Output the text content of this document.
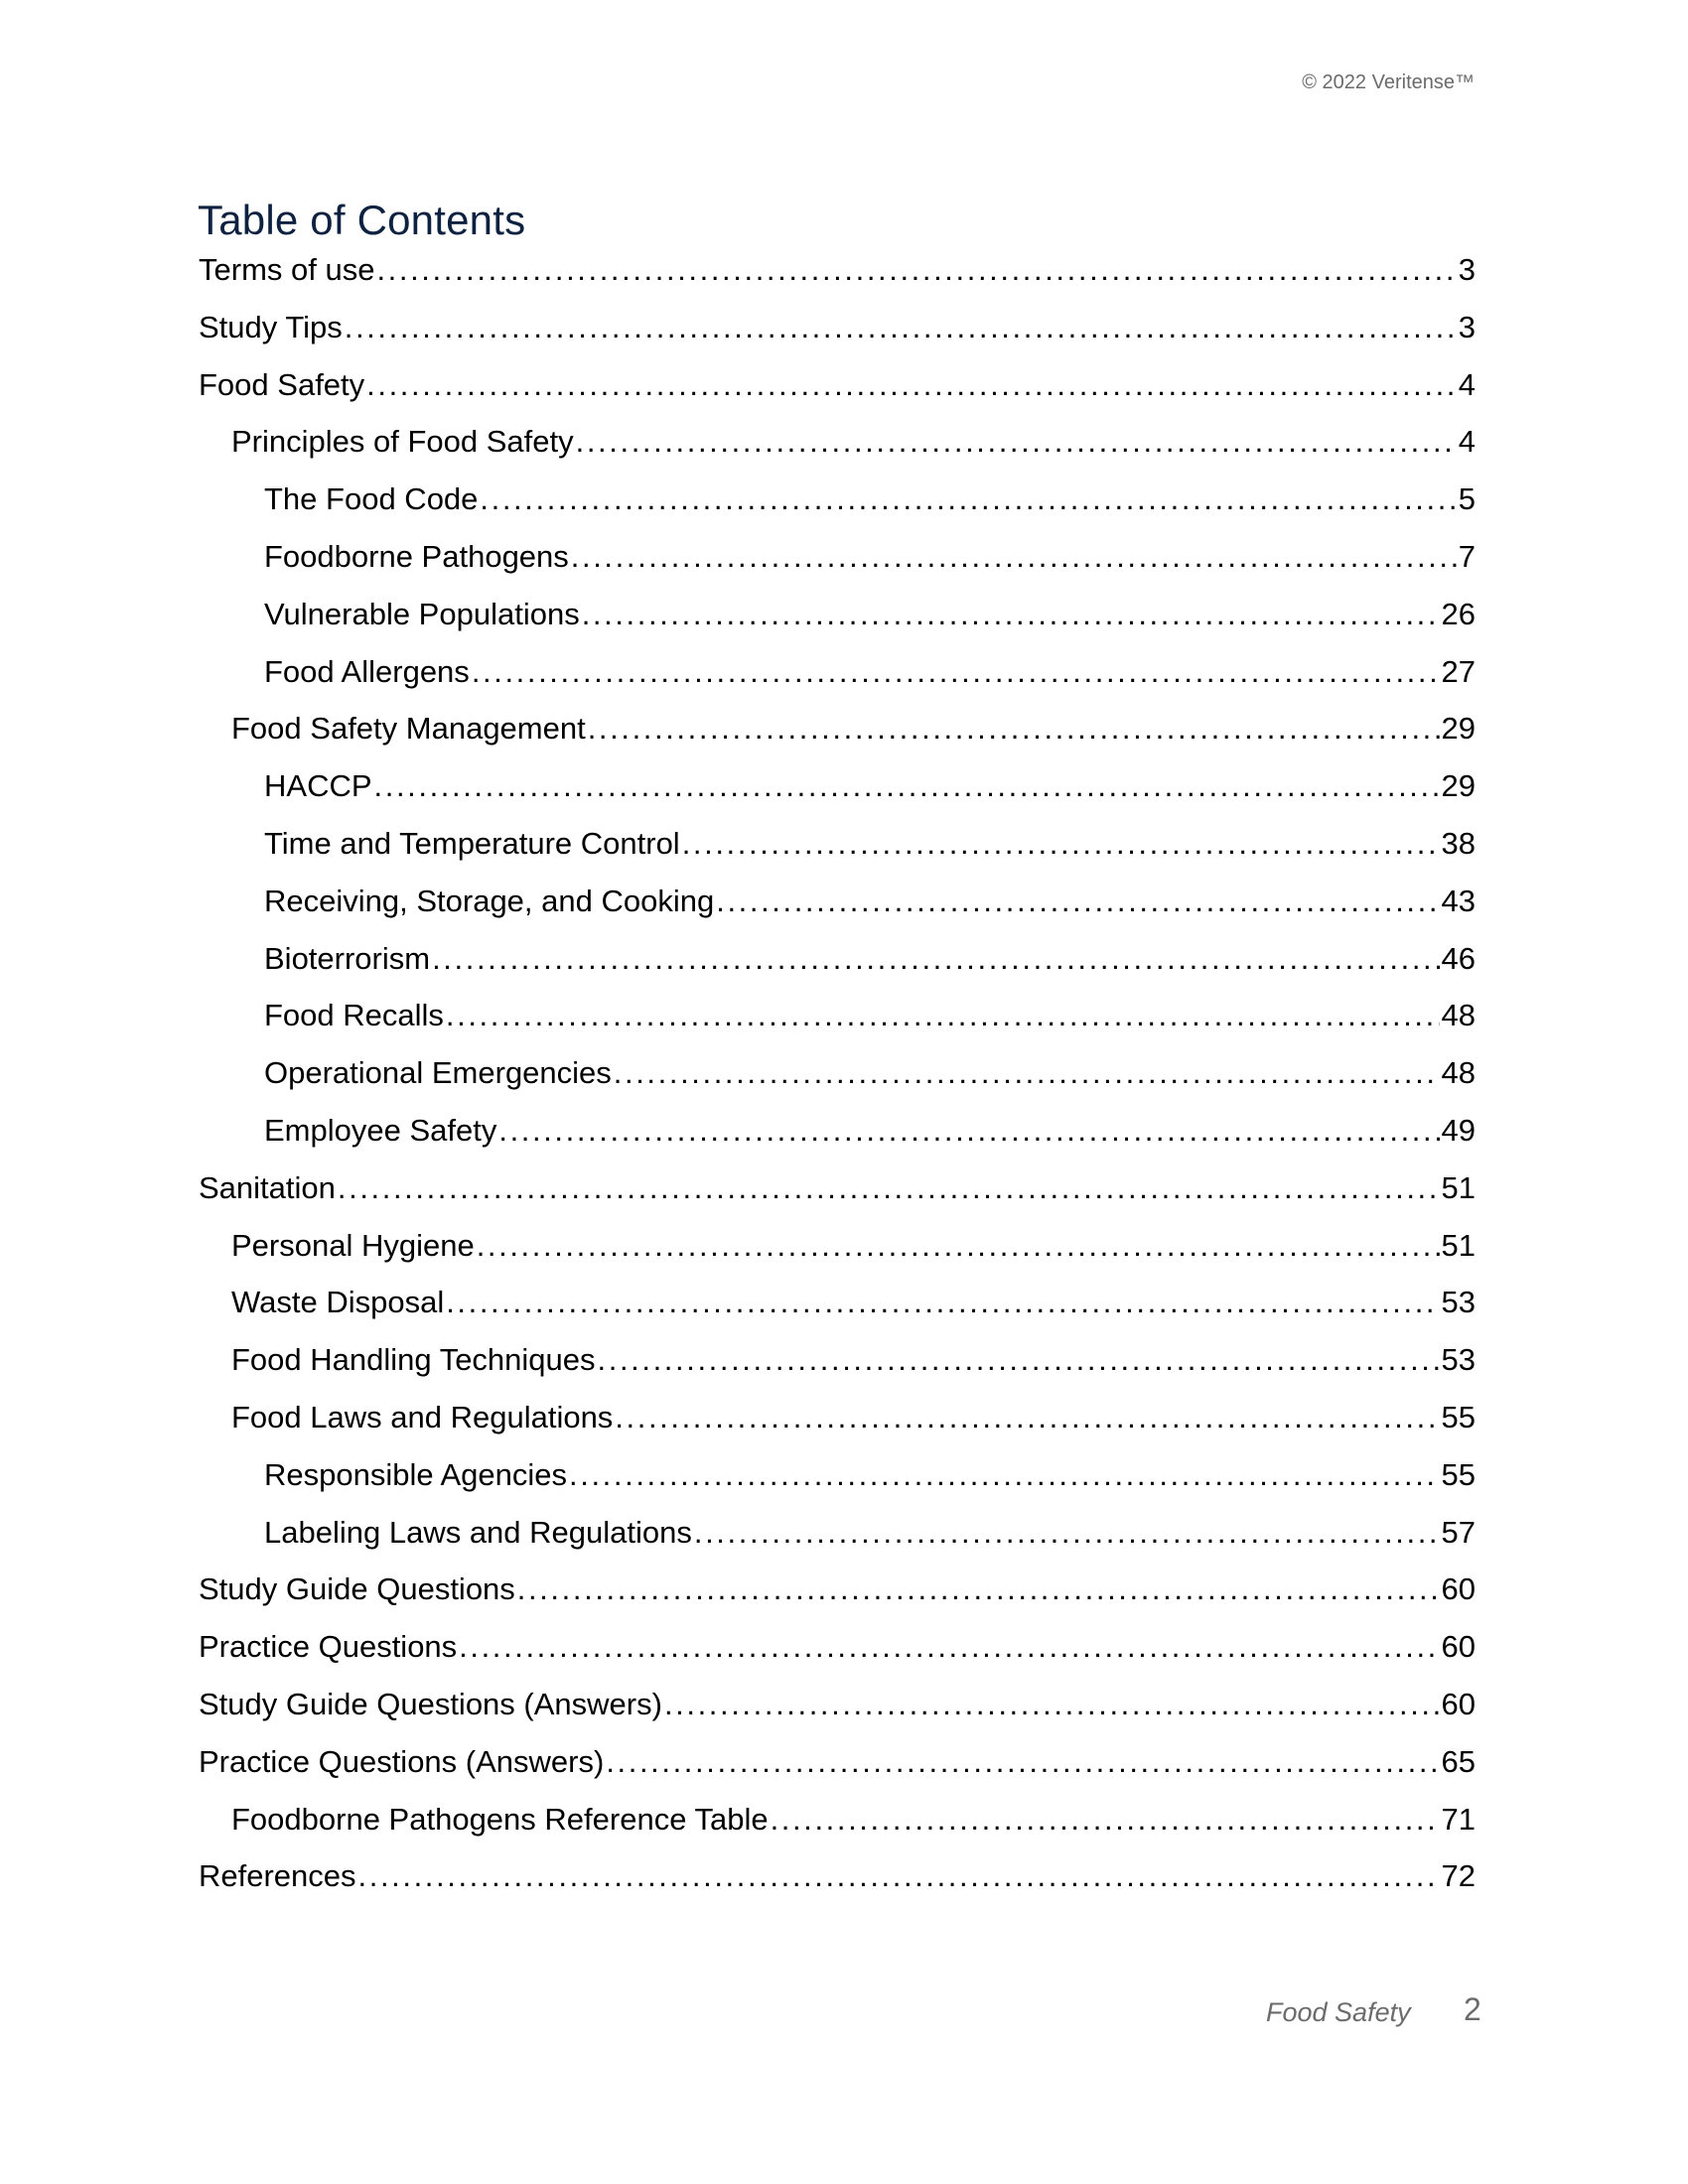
© 2022 Veritense™
Table of Contents
Terms of use .....	3
Study Tips .....	3
Food Safety .....	4
Principles of Food Safety .....	4
The Food Code .....	5
Foodborne Pathogens .....	7
Vulnerable Populations .....	26
Food Allergens .....	27
Food Safety Management .....	29
HACCP .....	29
Time and Temperature Control .....	38
Receiving, Storage, and Cooking .....	43
Bioterrorism .....	46
Food Recalls .....	48
Operational Emergencies .....	48
Employee Safety .....	49
Sanitation .....	51
Personal Hygiene .....	51
Waste Disposal .....	53
Food Handling Techniques .....	53
Food Laws and Regulations .....	55
Responsible Agencies .....	55
Labeling Laws and Regulations .....	57
Study Guide Questions .....	60
Practice Questions .....	60
Study Guide Questions (Answers) .....	60
Practice Questions (Answers) .....	65
Foodborne Pathogens Reference Table .....	71
References .....	72
Food Safety 2
